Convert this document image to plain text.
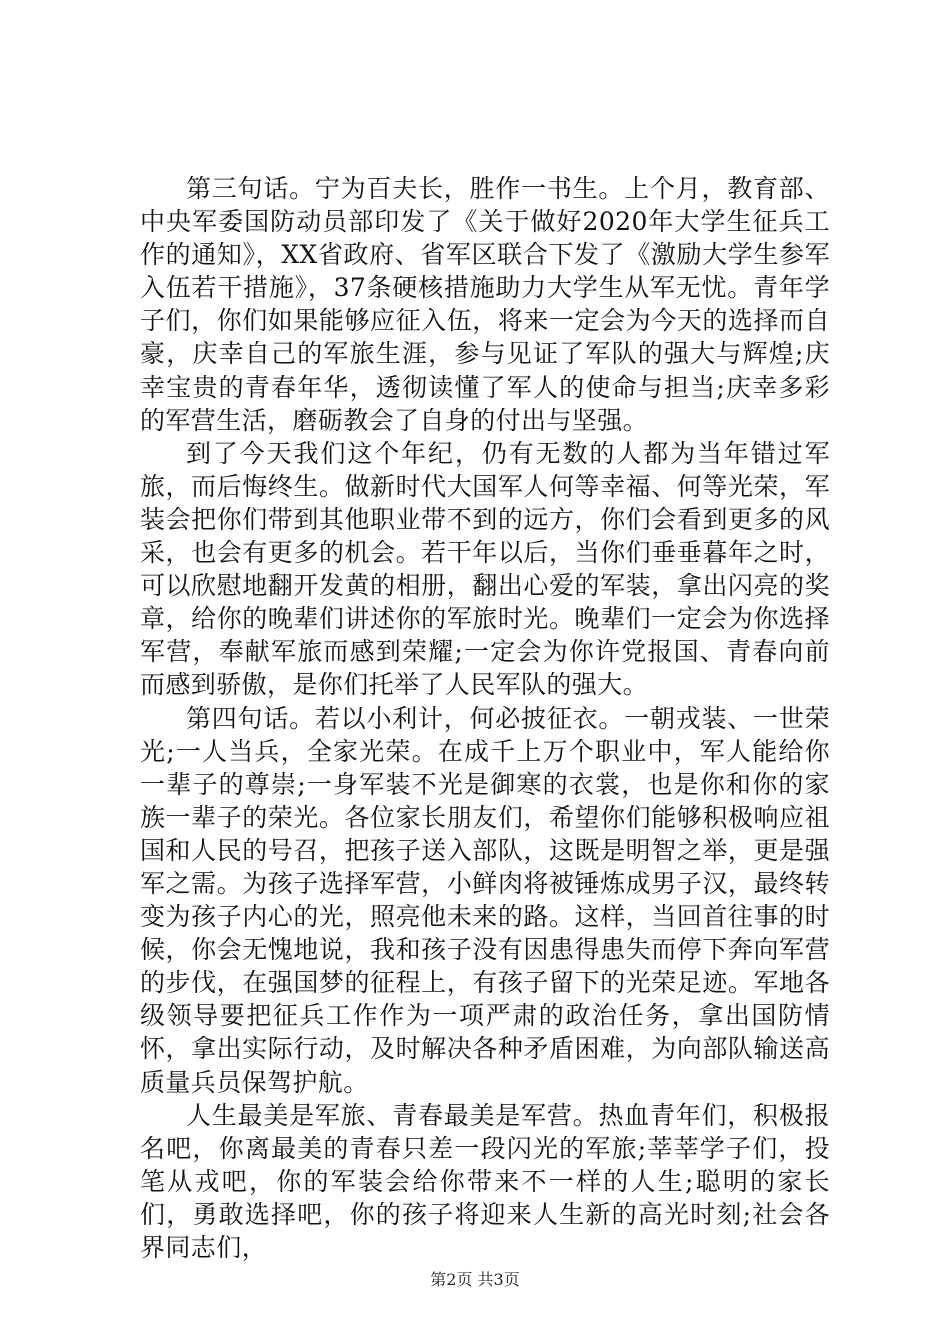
第三句话。宁为百夫长，胜作一书生。上个月，教育部、中央军委国防动员部印发了《关于做好2020年大学生征兵工作的通知》，XX省政府、省军区联合下发了《激励大学生参军入伍若干措施》，37条硬核措施助力大学生从军无忧。青年学子们，你们如果能够应征入伍，将来一定会为今天的选择而自豪，庆幸自己的军旅生涯，参与见证了军队的强大与辉煌;庆幸宝贵的青春年华，透彻读懂了军人的使命与担当;庆幸多彩的军营生活，磨砺教会了自身的付出与坚强。

到了今天我们这个年纪，仍有无数的人都为当年错过军旅，而后悔终生。做新时代大国军人何等幸福、何等光荣，军装会把你们带到其他职业带不到的远方，你们会看到更多的风采，也会有更多的机会。若干年以后，当你们垂垂暮年之时，可以欣慰地翻开发黄的相册，翻出心爱的军装，拿出闪亮的奖章，给你的晚辈们讲述你的军旅时光。晚辈们一定会为你选择军营，奉献军旅而感到荣耀;一定会为你许党报国、青春向前而感到骄傲，是你们托举了人民军队的强大。

第四句话。若以小利计，何必披征衣。一朝戎装、一世荣光;一人当兵，全家光荣。在成千上万个职业中，军人能给你一辈子的尊崇;一身军装不光是御寒的衣裳，也是你和你的家族一辈子的荣光。各位家长朋友们，希望你们能够积极响应祖国和人民的号召，把孩子送入部队，这既是明智之举，更是强军之需。为孩子选择军营，小鲜肉将被锤炼成男子汉，最终转变为孩子内心的光，照亮他未来的路。这样，当回首往事的时候，你会无愧地说，我和孩子没有因患得患失而停下奔向军营的步伐，在强国梦的征程上，有孩子留下的光荣足迹。军地各级领导要把征兵工作作为一项严肃的政治任务，拿出国防情怀，拿出实际行动，及时解决各种矛盾困难，为向部队输送高质量兵员保驾护航。

人生最美是军旅、青春最美是军营。热血青年们，积极报名吧，你离最美的青春只差一段闪光的军旅;莘莘学子们，投笔从戎吧，你的军装会给你带来不一样的人生;聪明的家长们，勇敢选择吧，你的孩子将迎来人生新的高光时刻;社会各界同志们，

第2页 共3页
